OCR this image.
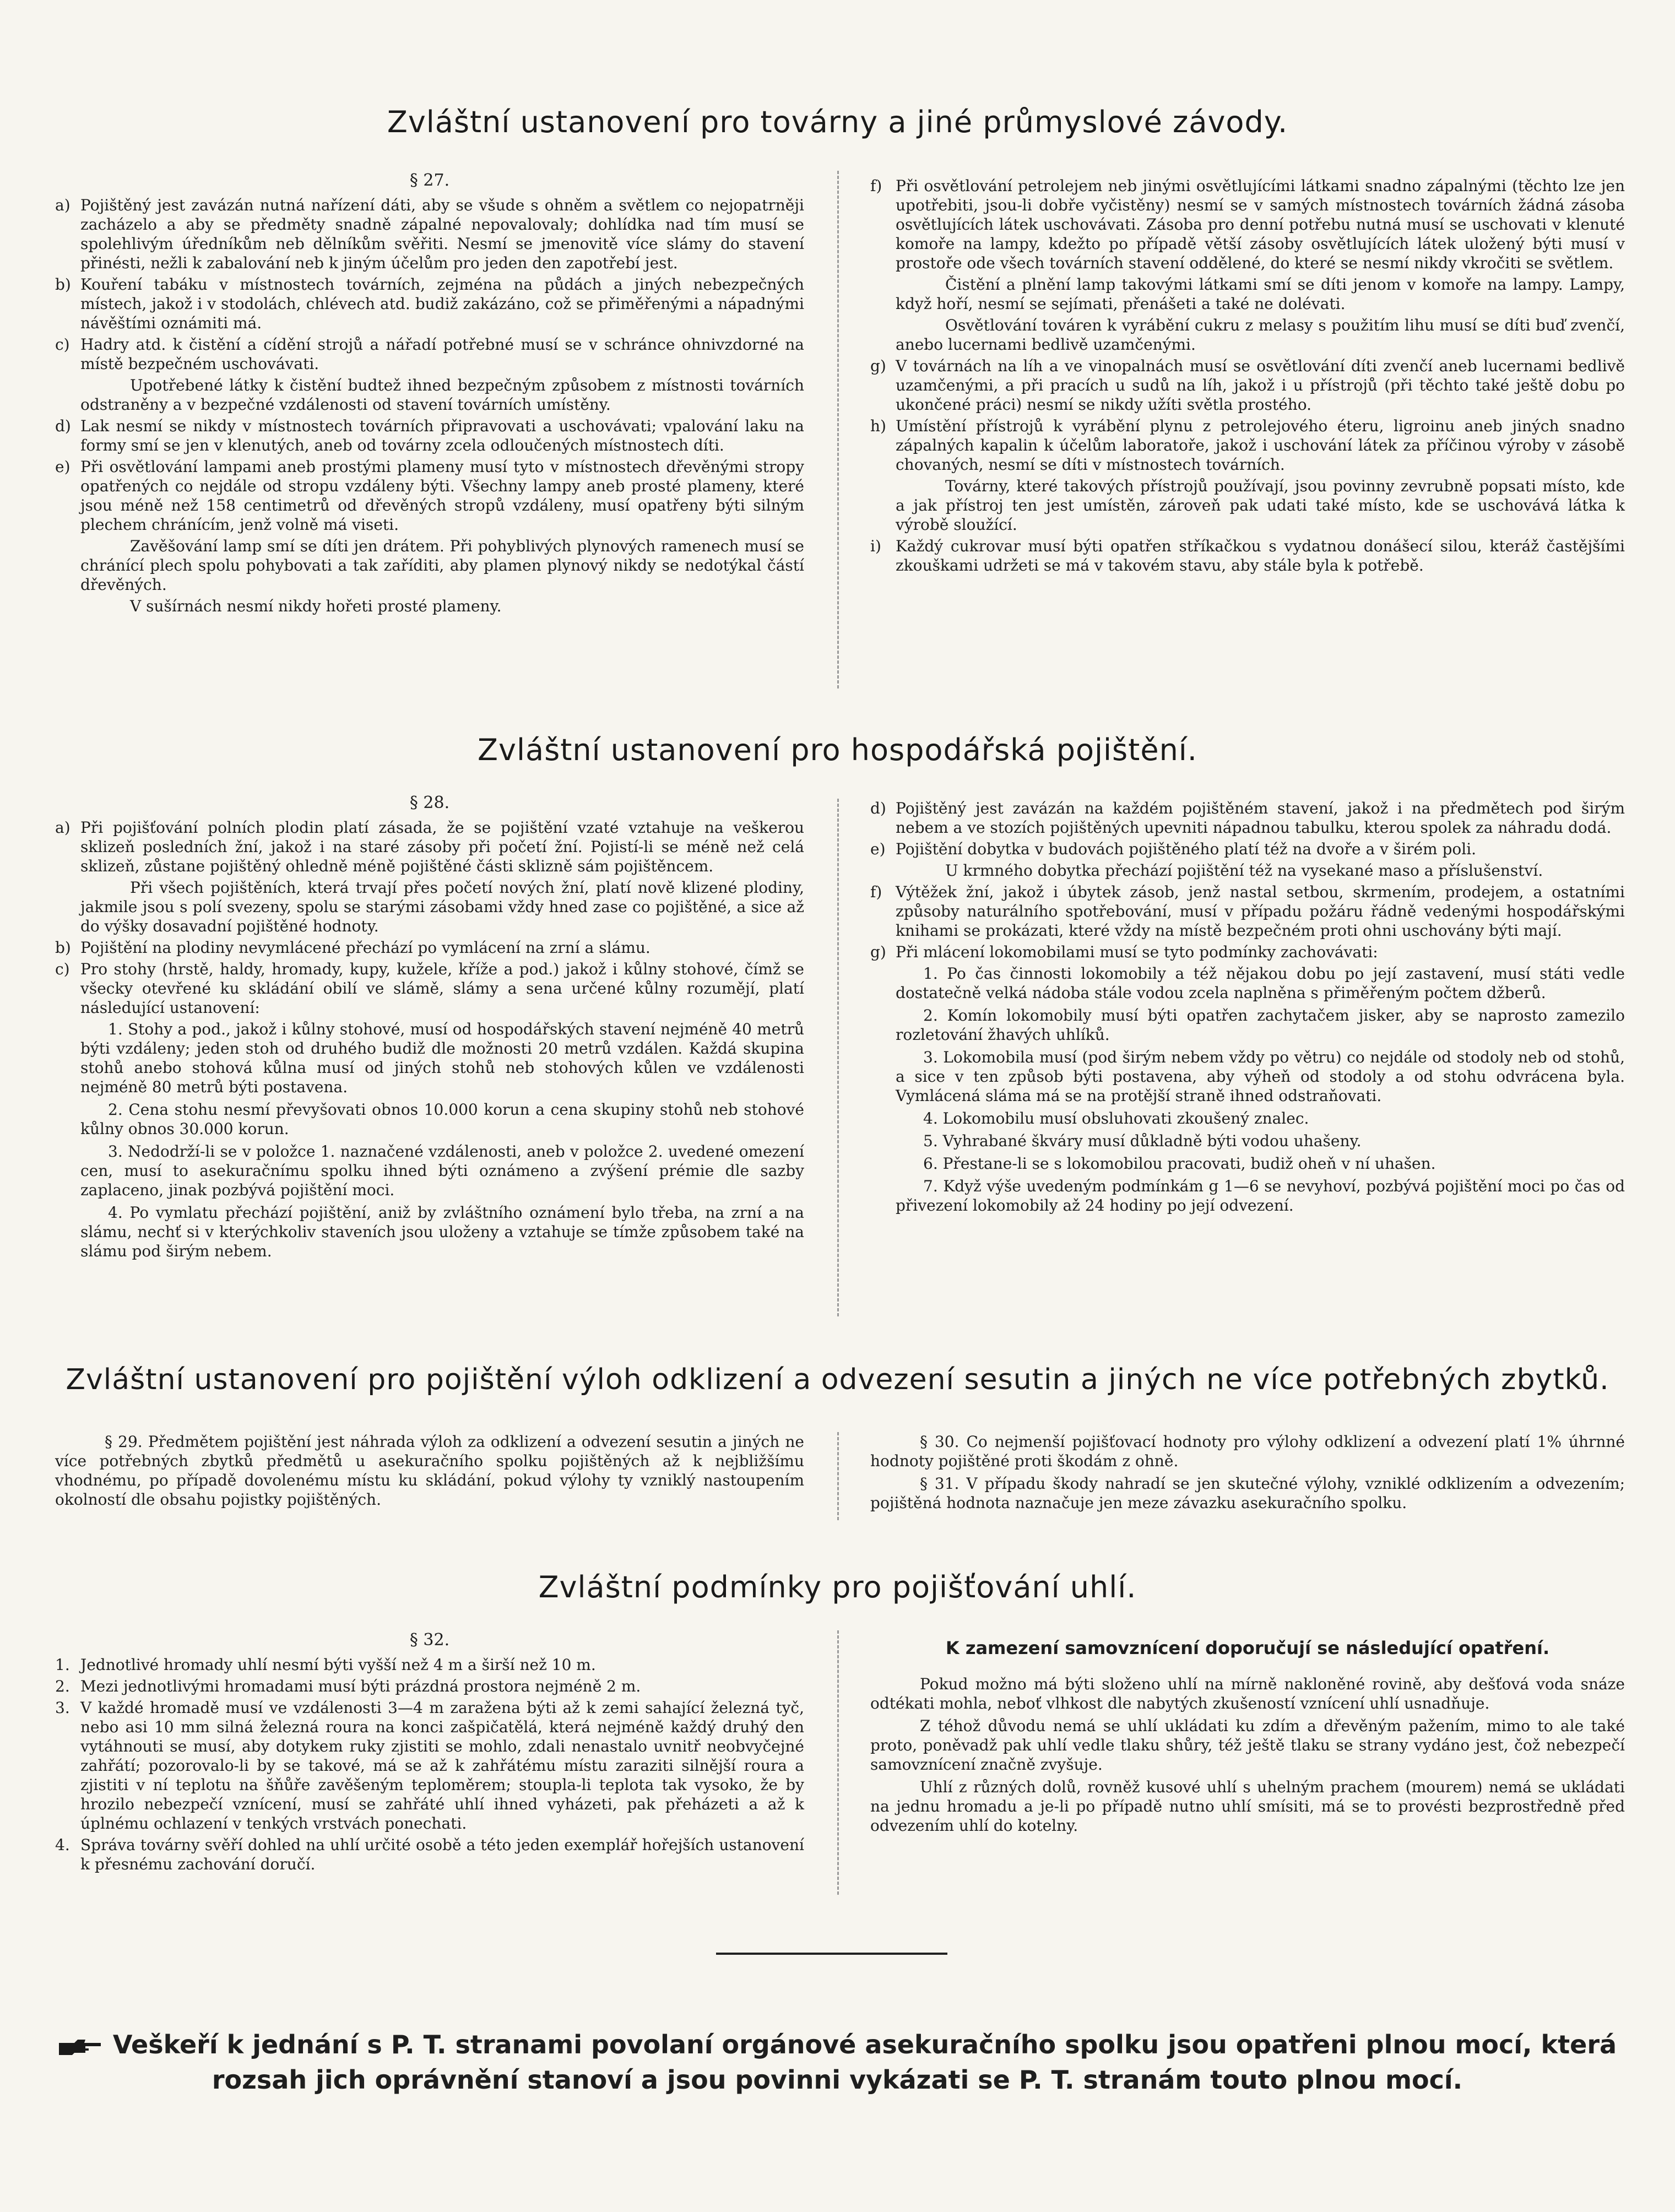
Zvláštní ustanovení pro továrny a jiné průmyslové závody.
§ 27.
a) Pojištěný jest zavázán nutná nařízení dáti, aby se všude s ohněm a světlem co nejopatrněji zacházelo a aby se předměty snadně zápalné nepovalovaly; dohlídka nad tím musí se spolehlivým úředníkům neb dělníkům svěřiti. Nesmí se jmenovitě více slámy do stavení přinésti, nežli k zabalování neb k jiným účelům pro jeden den zapotřebí jest.
b) Kouření tabáku v místnostech továrních, zejména na půdách a jiných nebezpečných místech, jakož i v stodolách, chlévech atd. budiž zakázáno, což se přiměřenými a nápadnými návěštími oznámiti má.
c) Hadry atd. k čistění a cídění strojů a nářadí potřebné musí se v schránce ohnivzdorné na místě bezpečném uschovávati.
Upotřebené látky k čistění budtež ihned bezpečným způsobem z místnosti továrních odstraněny a v bezpečné vzdálenosti od stavení továrních umístěny.
d) Lak nesmí se nikdy v místnostech továrních připravovati a uschovávati; vpalování laku na formy smí se jen v klenutých, aneb od továrny zcela odloučených místnostech díti.
e) Při osvětlování lampami aneb prostými plameny musí tyto v místnostech dřevěnými stropy opatřených co nejdále od stropu vzdáleny býti. Všechny lampy aneb prosté plameny, které jsou méně než 158 centimetrů od dřevěných stropů vzdáleny, musí opatřeny býti silným plechem chránícím, jenž volně má viseti.
Zavěšování lamp smí se díti jen drátem. Při pohyblivých plynových ramenech musí se chránící plech spolu pohybovati a tak zaříditi, aby plamen plynový nikdy se nedotýkal částí dřevěných.
V sušírnách nesmí nikdy hořeti prosté plameny.
f) Při osvětlování petrolejem neb jinými osvětlujícími látkami snadno zápalnými (těchto lze jen upotřebiti, jsou-li dobře vyčistěny) nesmí se v samých místnostech továrních žádná zásoba osvětlujících látek uschovávati. Zásoba pro denní potřebu nutná musí se uschovati v klenuté komoře na lampy, kdežto po případě větší zásoby osvětlujících látek uložený býti musí v prostoře ode všech továrních stavení oddělené, do které se nesmí nikdy vkročiti se světlem.
Čistění a plnění lamp takovými látkami smí se díti jenom v komoře na lampy. Lampy, když hoří, nesmí se sejímati, přenášeti a také ne dolévati.
Osvětlování továren k vyrábění cukru z melasy s použitím lihu musí se díti buď zvenčí, anebo lucernami bedlivě uzamčenými.
g) V továrnách na líh a ve vinopalnách musí se osvětlování díti zvenčí aneb lucernami bedlivě uzamčenými, a při pracích u sudů na líh, jakož i u přístrojů (při těchto také ještě dobu po ukončené práci) nesmí se nikdy užíti světla prostého.
h) Umístění přístrojů k vyrábění plynu z petrolejového éteru, ligroinu aneb jiných snadno zápalných kapalin k účelům laboratoře, jakož i uschování látek za příčinou výroby v zásobě chovaných, nesmí se díti v místnostech továrních.
Továrny, které takových přístrojů používají, jsou povinny zevrubně popsati místo, kde a jak přístroj ten jest umístěn, zároveň pak udati také místo, kde se uschovává látka k výrobě sloužící.
i) Každý cukrovar musí býti opatřen stříkačkou s vydatnou donášecí silou, kteráž častějšími zkouškami udržeti se má v takovém stavu, aby stále byla k potřebě.
Zvláštní ustanovení pro hospodářská pojištění.
§ 28.
a) Při pojišťování polních plodin platí zásada, že se pojištění vzaté vztahuje na veškerou sklizeň posledních žní, jakož i na staré zásoby při početí žní. Pojistí-li se méně než celá sklizeň, zůstane pojištěný ohledně méně pojištěné části sklizně sám pojištěncem.
Při všech pojištěních, která trvají přes početí nových žní, platí nově klizené plodiny, jakmile jsou s polí svezeny, spolu se starými zásobami vždy hned zase co pojištěné, a sice až do výšky dosavadní pojištěné hodnoty.
b) Pojištění na plodiny nevymlácené přechází po vymlácení na zrní a slámu.
c) Pro stohy (hrstě, haldy, hromady, kupy, kužele, kříže a pod.) jakož i kůlny stohové, čímž se všecky otevřené ku skládání obilí ve slámě, slámy a sena určené kůlny rozumějí, platí následující ustanovení:

1. Stohy a pod., jakož i kůlny stohové, musí od hospodářských stavení nejméně 40 metrů býti vzdáleny; jeden stoh od druhého budiž dle možnosti 20 metrů vzdálen. Každá skupina stohů anebo stohová kůlna musí od jiných stohů neb stohových kůlen ve vzdálenosti nejméně 80 metrů býti postavena.

2. Cena stohu nesmí převyšovati obnos 10.000 korun a cena skupiny stohů neb stohové kůlny obnos 30.000 korun.

3. Nedodrží-li se v položce 1. naznačené vzdálenosti, aneb v položce 2. uvedené omezení cen, musí to asekuračnímu spolku ihned býti oznámeno a zvýšení prémie dle sazby zaplaceno, jinak pozbývá pojištění moci.

4. Po vymlatu přechází pojištění, aniž by zvláštního oznámení bylo třeba, na zrní a na slámu, nechť si v kterýchkoliv staveních jsou uloženy a vztahuje se tímže způsobem také na slámu pod širým nebem.

d) Pojištěný jest zavázán na každém pojištěném stavení, jakož i na předmětech pod širým nebem a ve stozích pojištěných upevniti nápadnou tabulku, kterou spolek za náhradu dodá.
e) Pojištění dobytka v budovách pojištěného platí též na dvoře a v širém poli.
U krmného dobytka přechází pojištění též na vysekané maso a příslušenství.
f) Výtěžek žní, jakož i úbytek zásob, jenž nastal setbou, skrmením, prodejem, a ostatními způsoby naturálního spotřebování, musí v případu požáru řádně vedenými hospodářskými knihami se prokázati, které vždy na místě bezpečném proti ohni uschovány býti mají.
g) Při mlácení lokomobilami musí se tyto podmínky zachovávati:

1. Po čas činnosti lokomobily a též nějakou dobu po její zastavení, musí státi vedle dostatečně velká nádoba stále vodou zcela naplněna s přiměřeným počtem džberů.

2. Komín lokomobily musí býti opatřen zachytačem jisker, aby se naprosto zamezilo rozletování žhavých uhlíků.

3. Lokomobila musí (pod širým nebem vždy po větru) co nejdále od stodoly neb od stohů, a sice v ten způsob býti postavena, aby výheň od stodoly a od stohu odvrácena byla. Vymlácená sláma má se na protější straně ihned odstraňovati.

4. Lokomobilu musí obsluhovati zkoušený znalec.

5. Vyhrabané škváry musí důkladně býti vodou uhašeny.

6. Přestane-li se s lokomobilou pracovati, budiž oheň v ní uhašen.

7. Když výše uvedeným podmínkám g 1—6 se nevyhoví, pozbývá pojištění moci po čas od přivezení lokomobily až 24 hodiny po její odvezení.

Zvláštní ustanovení pro pojištění výloh odklizení a odvezení sesutin a jiných ne více potřebných zbytků.

§ 29. Předmětem pojištění jest náhrada výloh za odklizení a odvezení sesutin a jiných ne více potřebných zbytků předmětů u asekuračního spolku pojištěných až k nejbližšímu vhodnému, po případě dovolenému místu ku skládání, pokud výlohy ty vzniklý nastoupením okolností dle obsahu pojistky pojištěných.

§ 30. Co nejmenší pojišťovací hodnoty pro výlohy odklizení a odvezení platí 1% úhrnné hodnoty pojištěné proti škodám z ohně.

§ 31. V případu škody nahradí se jen skutečné výlohy, vzniklé odklizením a odvezením; pojištěná hodnota naznačuje jen meze závazku asekuračního spolku.

Zvláštní podmínky pro pojišťování uhlí.
§ 32.
1. Jednotlivé hromady uhlí nesmí býti vyšší než 4 m a širší než 10 m.
2. Mezi jednotlivými hromadami musí býti prázdná prostora nejméně 2 m.
3. V každé hromadě musí ve vzdálenosti 3—4 m zaražena býti až k zemi sahající železná tyč, nebo asi 10 mm silná železná roura na konci zašpičatělá, která nejméně každý druhý den vytáhnouti se musí, aby dotykem ruky zjistiti se mohlo, zdali nenastalo uvnitř neobvyčejné zahřátí; pozorovalo-li by se takové, má se až k zahřátému místu zaraziti silnější roura a zjistiti v ní teplotu na šňůře zavěšeným teploměrem; stoupla-li teplota tak vysoko, že by hrozilo nebezpečí vznícení, musí se zahřáté uhlí ihned vyházeti, pak přeházeti a až k úplnému ochlazení v tenkých vrstvách ponechati.
4. Správa továrny svěří dohled na uhlí určité osobě a této jeden exemplář hořejších ustanovení k přesnému zachování doručí.
K zamezení samovznícení doporučují se následující opatření.

Pokud možno má býti složeno uhlí na mírně nakloněné rovině, aby dešťová voda snáze odtékati mohla, neboť vlhkost dle nabytých zkušeností vznícení uhlí usnadňuje.

Z téhož důvodu nemá se uhlí ukládati ku zdím a dřevěným pažením, mimo to ale také proto, poněvadž pak uhlí vedle tlaku shůry, též ještě tlaku se strany vydáno jest, čož nebezpečí samovznícení značně zvyšuje.

Uhlí z různých dolů, rovněž kusové uhlí s uhelným prachem (mourem) nemá se ukládati na jednu hromadu a je-li po případě nutno uhlí smísiti, má se to provésti bezprostředně před odvezením uhlí do kotelny.

Veškeří k jednání s P. T. stranami povolaní orgánové asekuračního spolku jsou opatřeni plnou mocí, která rozsah jich oprávnění stanoví a jsou povinni vykázati se P. T. stranám touto plnou mocí.
